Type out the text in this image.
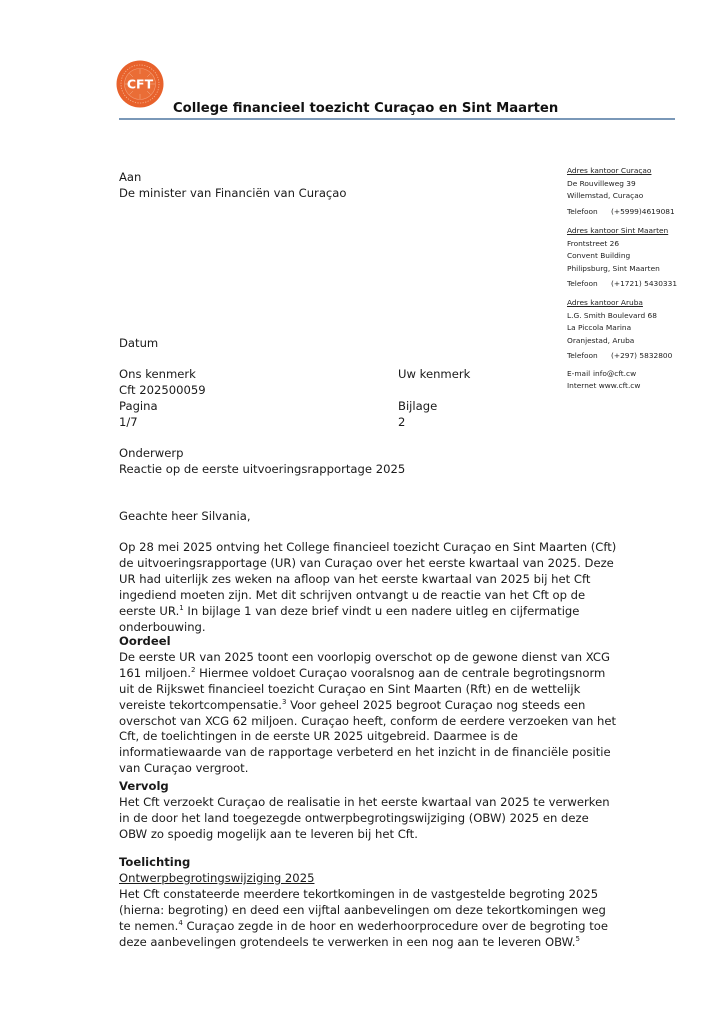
CFT
College financieel toezicht Curaçao en Sint Maarten
Aan
De minister van Financiën van Curaçao
Adres kantoor Curaçao
De Rouvilleweg 39
Willemstad, Curaçao
Telefoon (+5999)4619081
Adres kantoor Sint Maarten
Frontstreet 26
Convent Building
Philipsburg, Sint Maarten
Telefoon (+1721) 5430331
Adres kantoor Aruba
L.G. Smith Boulevard 68
La Piccola Marina
Oranjestad, Aruba
Telefoon (+297) 5832800
E-mail info@cft.cw
Internet www.cft.cw
Datum
Ons kenmerk
Cft 202500059
Uw kenmerk
Pagina
1/7
Bijlage
2
Onderwerp
Reactie op de eerste uitvoeringsrapportage 2025
Geachte heer Silvania,

Op 28 mei 2025 ontving het College financieel toezicht Curaçao en Sint Maarten (Cft) de uitvoeringsrapportage (UR) van Curaçao over het eerste kwartaal van 2025. Deze UR had uiterlijk zes weken na afloop van het eerste kwartaal van 2025 bij het Cft ingediend moeten zijn. Met dit schrijven ontvangt u de reactie van het Cft op de eerste UR.$^1$ In bijlage 1 van deze brief vindt u een nadere uitleg en cijfermatige onderbouwing.

Oordeel

De eerste UR van 2025 toont een voorlopig overschot op de gewone dienst van XCG 161 miljoen.$^2$ Hiermee voldoet Curaçao vooralsnog aan de centrale begrotingsnorm uit de Rijkswet financieel toezicht Curaçao en Sint Maarten (Rft) en de wettelijk vereiste tekortcompensatie.$^3$ Voor geheel 2025 begroot Curaçao nog steeds een overschot van XCG 62 miljoen. Curaçao heeft, conform de eerdere verzoeken van het Cft, de toelichtingen in de eerste UR 2025 uitgebreid. Daarmee is de informatiewaarde van de rapportage verbeterd en het inzicht in de financiële positie van Curaçao vergroot.

Vervolg

Het Cft verzoekt Curaçao de realisatie in het eerste kwartaal van 2025 te verwerken in de door het land toegezegde ontwerpbegrotingswijziging (OBW) 2025 en deze OBW zo spoedig mogelijk aan te leveren bij het Cft.

Toelichting

Ontwerpbegrotingswijziging 2025

Het Cft constateerde meerdere tekortkomingen in de vastgestelde begroting 2025 (hierna: begroting) en deed een vijftal aanbevelingen om deze tekortkomingen weg te nemen.$^4$ Curaçao zegde in de hoor en wederhoorprocedure over de begroting toe deze aanbevelingen grotendeels te verwerken in een nog aan te leveren OBW.$^5$
